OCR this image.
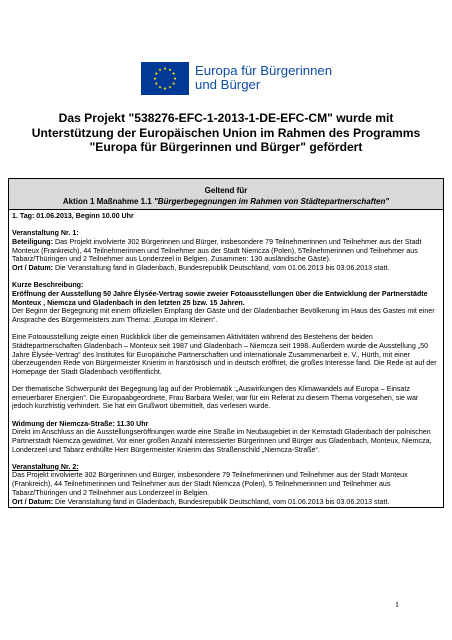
Europa für Bürgerinnen
und Bürger
Das Projekt "538276-EFC-1-2013-1-DE-EFC-CM" wurde mit
Unterstützung der Europäischen Union im Rahmen des Programms
"Europa für Bürgerinnen und Bürger" gefördert
Geltend für
Aktion 1 Maßnahme 1.1 "Bürgerbegegnungen im Rahmen von Städtepartnerschaften"

1. Tag: 01.06.2013, Beginn 10.00 Uhr

Veranstaltung Nr. 1:
Beteiligung: Das Projekt involvierte 302 Bürgerinnen und Bürger, insbesondere 79 Teilnehmerinnen und Teilnehmer aus der Stadt Monteux (Frankreich), 44 Teilnehmerinnen und Teilnehmer aus der Stadt Niemcza (Polen), 5Teilnehmerinnen und Teilnehmer aus Tabarz/Thüringen und 2 Teilnehmer aus Londerzeel in Belgien. Zusammen: 130 ausländische Gäste).
Ort / Datum: Die Veranstaltung fand in Gladenbach, Bundesrepublik Deutschland, vom 01.06.2013 bis 03.06.2013 statt.

Kurze Beschreibung:
Eröffnung der Ausstellung 50 Jahre Élysée-Vertrag sowie zweier Fotoausstellungen über die Entwicklung der Partnerstädte Monteux , Niemcza und Gladenbach in den letzten 25 bzw. 15 Jahren.
Der Beginn der Begegnung mit einem offiziellen Empfang der Gäste und der Gladenbacher Bevölkerung im Haus des Gastes mit einer Ansprache des Bürgermeisters zum Thema: „Europa im Kleinen“.

Eine Fotoausstellung zeigte einen Rückblick über die gemeinsamen Aktivitäten während des Bestehens der beiden Städtepartnerschaften Gladenbach – Monteux seit 1987 und Gladenbach – Niemcza seit 1998. Außerdem wurde die Ausstellung „50 Jahre Élysée-Vertrag“ des Institutes für Europäische Partnerschaften und internationale Zusammenarbeit e. V., Hürth, mit einer überzeugenden Rede von Bürgermeister Knierim in französisch und in deutsch eröffnet, die großes Interesse fand. Die Rede ist auf der Homepage der Stadt Gladenbach veröffentlicht.

Der thematische Schwerpunkt der Begegnung lag auf der Problematik :„Auswirkungen des Klimawandels auf Europa – Einsatz erneuerbarer Energien“. Die Europaabgeordnete, Frau Barbara Weiler, war für ein Referat zu diesem Thema vorgesehen, sie war jedoch kurzfristig verhindert. Sie hat ein Grußwort übermittelt, das verlesen wurde.

Widmung der Niemcza-Straße: 11.30 Uhr
Direkt im Anschluss an die Ausstellungseröffnungen wurde eine Straße im Neubaugebiet in der Kernstadt Gladenbach der polnischen Partnerstadt Niemcza gewidmet. Vor einer großen Anzahl interessierter Bürgerinnen und Bürger aus Gladenbach, Monteux, Niemcza, Londerzeel und Tabarz enthüllte Herr Bürgermeister Knierim das Straßenschild „Niemcza-Straße“.

Veranstaltung Nr. 2:
Das Projekt involvierte 302 Bürgerinnen und Bürger, insbesondere 79 Teilnehmerinnen und Teilnehmer aus der Stadt Monteux (Frankreich), 44 Teilnehmerinnen und Teilnehmer aus der Stadt Niemcza (Polen), 5 Teilnehmerinnen und Teilnehmer aus Tabarz/Thüringen und 2 Teilnehmer aus Londerzeel in Belgien.
Ort / Datum: Die Veranstaltung fand in Gladenbach, Bundesrepublik Deutschland, vom 01.06.2013 bis 03.06.2013 statt.

1
